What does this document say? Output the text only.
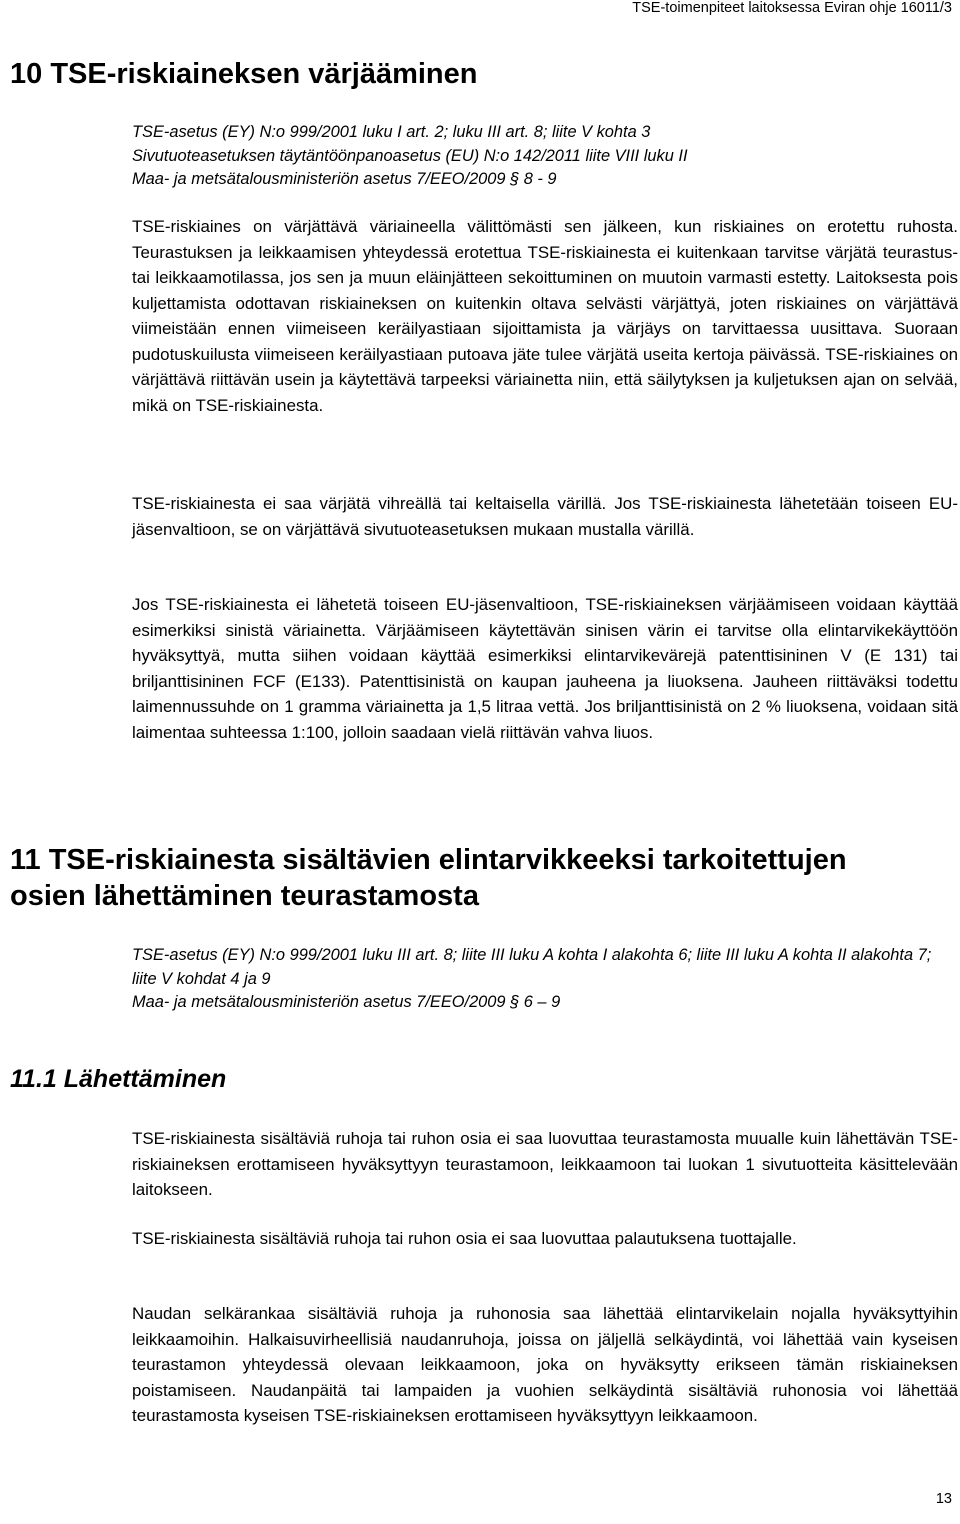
TSE-toimenpiteet laitoksessa Eviran ohje 16011/3
10 TSE-riskiaineksen värjääminen
TSE-asetus (EY) N:o 999/2001 luku I art. 2; luku III art. 8; liite V kohta 3
Sivutuoteasetuksen täytäntöönpanoasetus (EU) N:o 142/2011 liite VIII luku II
Maa- ja metsätalousministeriön asetus 7/EEO/2009 § 8 - 9

TSE-riskiaines on värjättävä väriaineella välittömästi sen jälkeen, kun riskiaines on erotettu ruhosta. Teurastuksen ja leikkaamisen yhteydessä erotettua TSE-riskiainesta ei kuitenkaan tarvitse värjätä teurastus- tai leikkaamotilassa, jos sen ja muun eläinjätteen sekoittuminen on muutoin varmasti estetty. Laitoksesta pois kuljettamista odottavan riskiaineksen on kuitenkin oltava selvästi värjättyä, joten riskiaines on värjättävä viimeistään ennen viimeiseen keräilyastiaan sijoittamista ja värjäys on tarvittaessa uusittava. Suoraan pudotuskuilusta viimeiseen keräilyastiaan putoava jäte tulee värjätä useita kertoja päivässä. TSE-riskiaines on värjättävä riittävän usein ja käytettävä tarpeeksi väriainetta niin, että säilytyksen ja kuljetuksen ajan on selvää, mikä on TSE-riskiainesta.

TSE-riskiainesta ei saa värjätä vihreällä tai keltaisella värillä. Jos TSE-riskiainesta lähetetään toiseen EU-jäsenvaltioon, se on värjättävä sivutuoteasetuksen mukaan mustalla värillä.

Jos TSE-riskiainesta ei lähetetä toiseen EU-jäsenvaltioon, TSE-riskiaineksen värjäämiseen voidaan käyttää esimerkiksi sinistä väriainetta. Värjäämiseen käytettävän sinisen värin ei tarvitse olla elintarvikekäyttöön hyväksyttyä, mutta siihen voidaan käyttää esimerkiksi elintarvikevärejä patenttisininen V (E 131) tai briljanttisininen FCF (E133). Patenttisinistä on kaupan jauheena ja liuoksena. Jauheen riittäväksi todettu laimennussuhde on 1 gramma väriainetta ja 1,5 litraa vettä. Jos briljanttisinistä on 2 % liuoksena, voidaan sitä laimentaa suhteessa 1:100, jolloin saadaan vielä riittävän vahva liuos.

11 TSE-riskiainesta sisältävien elintarvikkeeksi tarkoitettujen
osien lähettäminen teurastamosta
TSE-asetus (EY) N:o 999/2001 luku III art. 8; liite III luku A kohta I alakohta 6; liite III luku A kohta II alakohta 7; liite V kohdat 4 ja 9
Maa- ja metsätalousministeriön asetus 7/EEO/2009 § 6 – 9
11.1 Lähettäminen

TSE-riskiainesta sisältäviä ruhoja tai ruhon osia ei saa luovuttaa teurastamosta muualle kuin lähettävän TSE-riskiaineksen erottamiseen hyväksyttyyn teurastamoon, leikkaamoon tai luokan 1 sivutuotteita käsittelevään laitokseen.

TSE-riskiainesta sisältäviä ruhoja tai ruhon osia ei saa luovuttaa palautuksena tuottajalle.

Naudan selkärankaa sisältäviä ruhoja ja ruhonosia saa lähettää elintarvikelain nojalla hyväksyttyihin leikkaamoihin. Halkaisuvirheellisiä naudanruhoja, joissa on jäljellä selkäydintä, voi lähettää vain kyseisen teurastamon yhteydessä olevaan leikkaamoon, joka on hyväksytty erikseen tämän riskiaineksen poistamiseen. Naudanpäitä tai lampaiden ja vuohien selkäydintä sisältäviä ruhonosia voi lähettää teurastamosta kyseisen TSE-riskiaineksen erottamiseen hyväksyttyyn leikkaamoon.

13
